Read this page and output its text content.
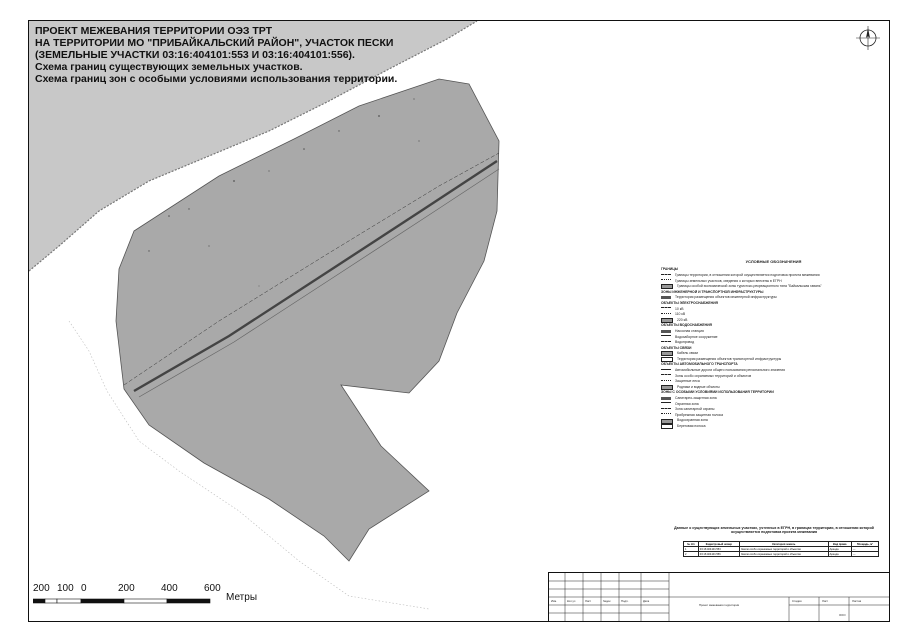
ПРОЕКТ МЕЖЕВАНИЯ ТЕРРИТОРИИ ОЭЗ ТРТ
НА ТЕРРИТОРИИ МО "ПРИБАЙКАЛЬСКИЙ РАЙОН", УЧАСТОК ПЕСКИ
(ЗЕМЕЛЬНЫЕ УЧАСТКИ 03:16:404101:553 И 03:16:404101:556).
Схема границ существующих земельных участков.
Схема границ зон с особыми условиями использования территории.
УСЛОВНЫЕ ОБОЗНАЧЕНИЯ
ГРАНИЦЫ
Границы территории, в отношении которой осуществляется подготовка проекта межевания
Границы земельных участков, сведения о которых внесены в ЕГРН
Границы особой экономической зоны туристско-рекреационного типа "Байкальская гавань"
ЗОНЫ ИНЖЕНЕРНОЙ И ТРАНСПОРТНОЙ ИНФРАСТРУКТУРЫ
Территория размещения объектов инженерной инфраструктуры
ОБЪЕКТЫ ЭЛЕКТРОСНАБЖЕНИЯ
10 кВ
110 кВ
220 кВ
ОБЪЕКТЫ ВОДОСНАБЖЕНИЯ
Насосная станция
Водозаборное сооружение
Водопровод
ОБЪЕКТЫ СВЯЗИ
Кабель связи
Территория размещения объектов транспортной инфраструктуры
ОБЪЕКТЫ АВТОМОБИЛЬНОГО ТРАНСПОРТА
Автомобильные дороги общего пользования регионального значения
Зоны особо охраняемых территорий и объектов
Защитные леса
Родники и водные объекты
ЗОНЫ С ОСОБЫМИ УСЛОВИЯМИ ИСПОЛЬЗОВАНИЯ ТЕРРИТОРИИ
Санитарно-защитная зона
Охранная зона
Зона санитарной охраны
Прибрежная защитная полоса
Водоохранная зона
Береговая полоса
Данные о существующих земельных участках, учтенных в ЕГРН, в границах территории, в отношении которой осуществляется подготовка проекта межевания
№ п/п	Кадастровый номер	Категория земель	Вид права	Площадь, м²
1	03:16:404101:553	Земли особо охраняемых территорий и объектов	Аренда	—
2	03:16:404101:556	Земли особо охраняемых территорий и объектов	Аренда	—
Изм.	Кол.уч	Лист	№док	Подп.	Дата	Стадия	Лист	Листов
Проект межевания территории
ООО
200 100 0	200	400	600
Метры
